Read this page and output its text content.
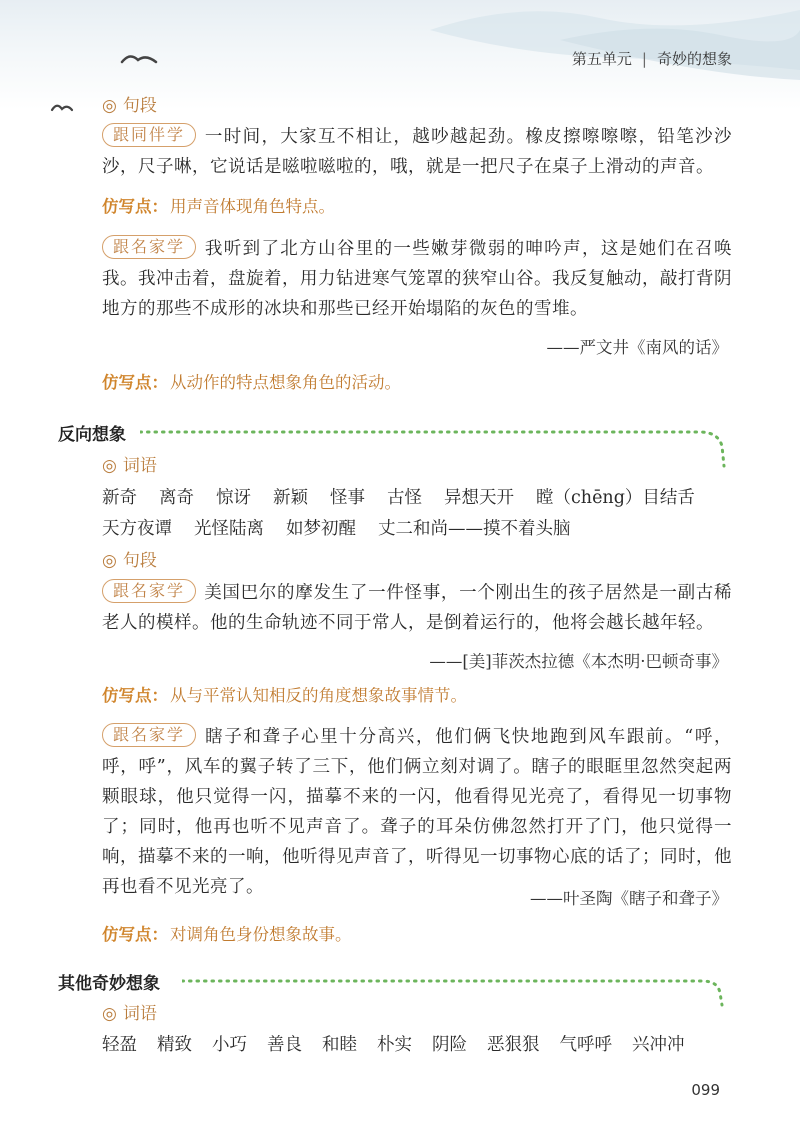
第五单元 | 奇妙的想象
◎ 句段
跟同伴学 一时间，大家互不相让，越吵越起劲。橡皮擦嚓嚓嚓，铅笔沙沙沙，尺子啉，它说话是嗞啦嗞啦的，哦，就是一把尺子在桌子上滑动的声音。
仿写点： 用声音体现角色特点。
跟名家学 我听到了北方山谷里的一些嫩芽微弱的呻吟声，这是她们在召唤我。我冲击着，盘旋着，用力钻进寒气笼罩的狭窄山谷。我反复触动，敲打背阴地方的那些不成形的冰块和那些已经开始塌陷的灰色的雪堆。
——严文井《南风的话》
仿写点： 从动作的特点想象角色的活动。
反向想象
◎ 词语
新奇 离奇 惊讶 新颖 怪事 古怪 异想天开 瞠（chēng）目结舌
天方夜谭 光怪陆离 如梦初醒 丈二和尚——摸不着头脑
◎ 句段
跟名家学 美国巴尔的摩发生了一件怪事，一个刚出生的孩子居然是一副古稀老人的模样。他的生命轨迹不同于常人，是倒着运行的，他将会越长越年轻。
——[美]菲茨杰拉德《本杰明·巴顿奇事》
仿写点： 从与平常认知相反的角度想象故事情节。
跟名家学 瞎子和聋子心里十分高兴，他们俩飞快地跑到风车跟前。“呼，呼，呼”，风车的翼子转了三下，他们俩立刻对调了。瞎子的眼眶里忽然突起两颗眼球，他只觉得一闪，描摹不来的一闪，他看得见光亮了，看得见一切事物了；同时，他再也听不见声音了。聋子的耳朵仿佛忽然打开了门，他只觉得一响，描摹不来的一响，他听得见声音了，听得见一切事物心底的话了；同时，他再也看不见光亮了。
——叶圣陶《瞎子和聋子》
仿写点： 对调角色身份想象故事。
其他奇妙想象
◎ 词语
轻盈 精致 小巧 善良 和睦 朴实 阴险 恶狠狠 气呼呼 兴冲冲
099
